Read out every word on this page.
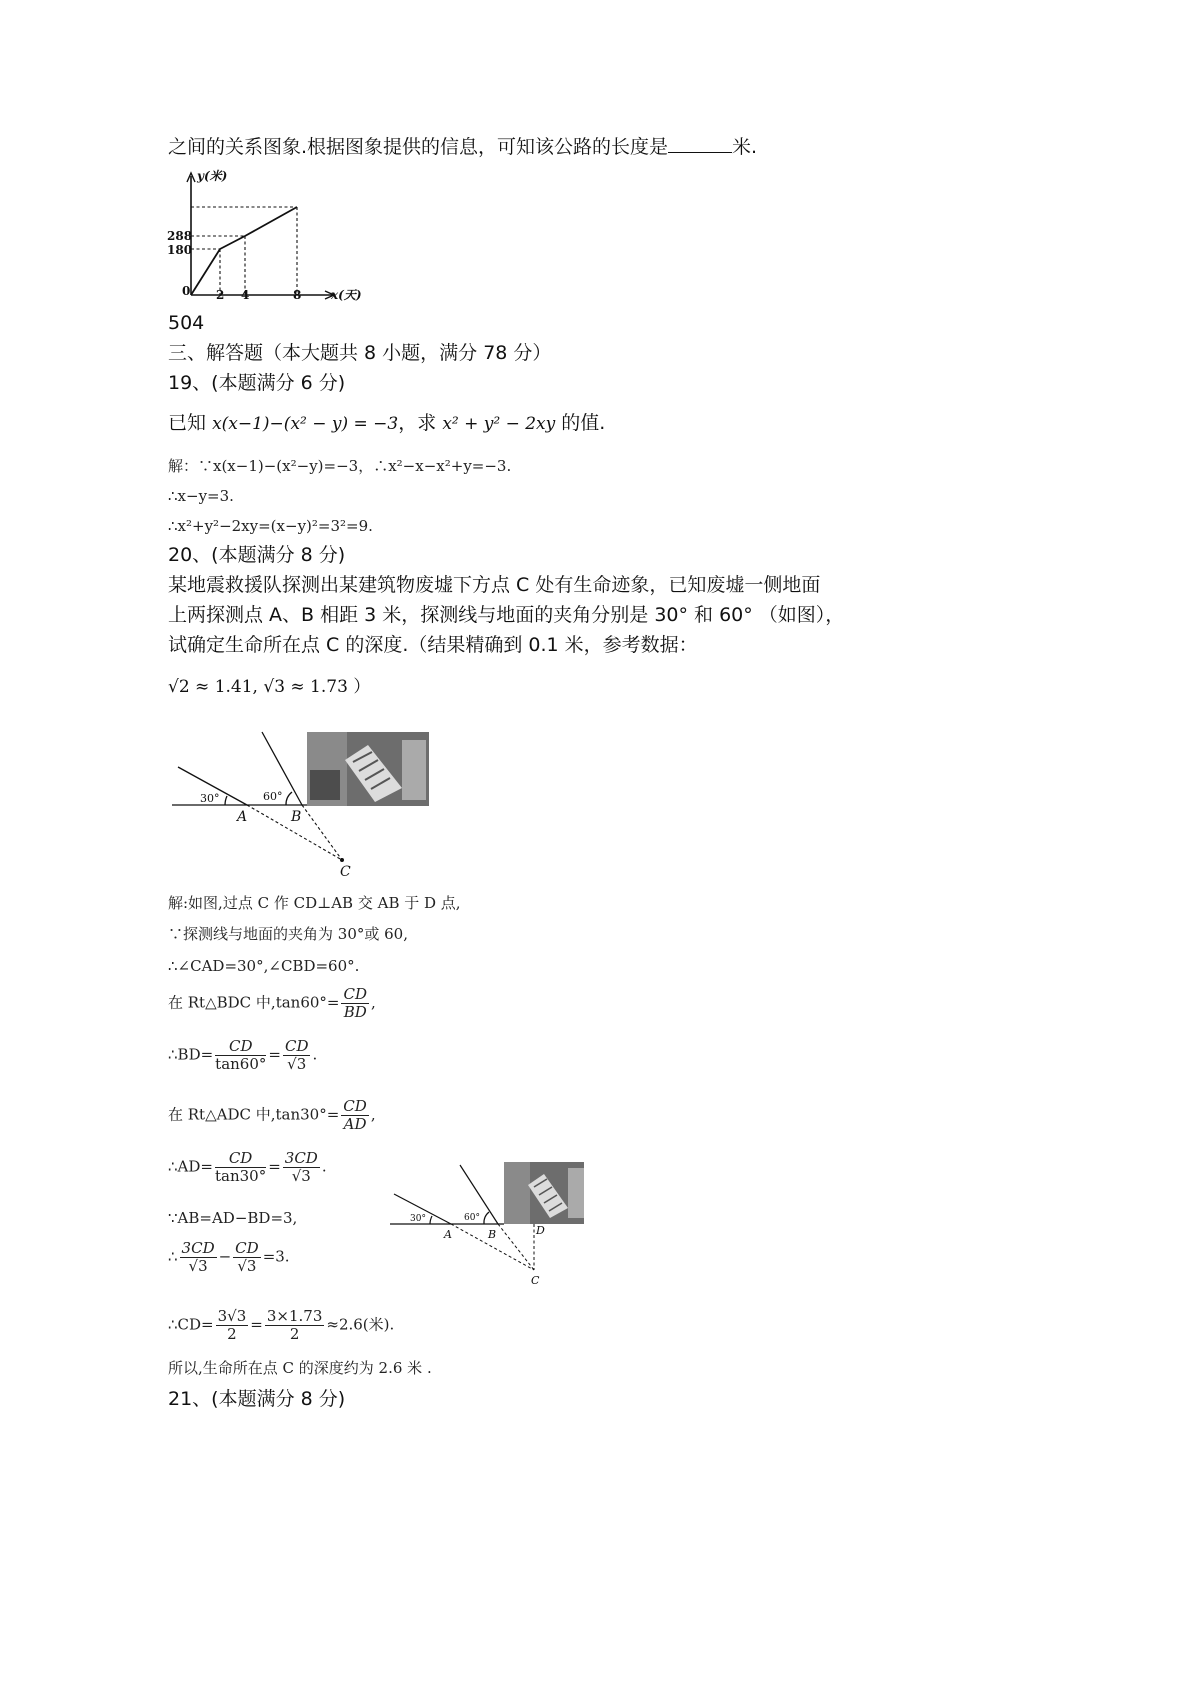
之间的关系图象.根据图象提供的信息，可知该公路的长度是	米.
y(米)
x(天)
0 2 4	8
288
180
504
三、解答题（本大题共 8 小题，满分 78 分）
19、(本题满分 6 分)
已知 x(x−1)−(x² − y) = −3，求 x² + y² − 2xy 的值.
解：∵x(x−1)−(x²−y)=−3，∴x²−x−x²+y=−3.
∴x−y=3.
∴x²+y²−2xy=(x−y)²=3²=9.
20、(本题满分 8 分)
某地震救援队探测出某建筑物废墟下方点 C 处有生命迹象，已知废墟一侧地面
上两探测点 A、B 相距 3 米，探测线与地面的夹角分别是 30° 和 60° （如图），
试确定生命所在点 C 的深度.（结果精确到 0.1 米，参考数据：
√2 ≈ 1.41, √3 ≈ 1.73 ）
30°	60°
A	B
C
解:如图,过点 C 作 CD⊥AB 交 AB 于 D 点,
∵探测线与地面的夹角为 30°或 60,
∴∠CAD=30°,∠CBD=60°.
在 Rt△BDC 中$,\tan 60^\circ= \frac{CD}{BD}$ ,
∴BD= $\frac{CD}{\tan 60^\circ} = \frac{CD}{√3}$ .
在 Rt△ADC 中$,\tan 30^\circ= \frac{CD}{AD}$ ,
∴AD= $\frac{CD}{\tan 30^\circ} = \frac{3CD}{√3}$ .
∵AB=AD−BD=3,
∴ $\frac{3CD}{√3} - \frac{CD}{√3} =3$.
∴CD= $\frac{3√3}{2} = \frac{3\times 1.73}{2} \approx 2.6$(米).
所以,生命所在点 C 的深度约为 2.6 米 .
30°	60°
A	B
C
D
21、(本题满分 8 分)
